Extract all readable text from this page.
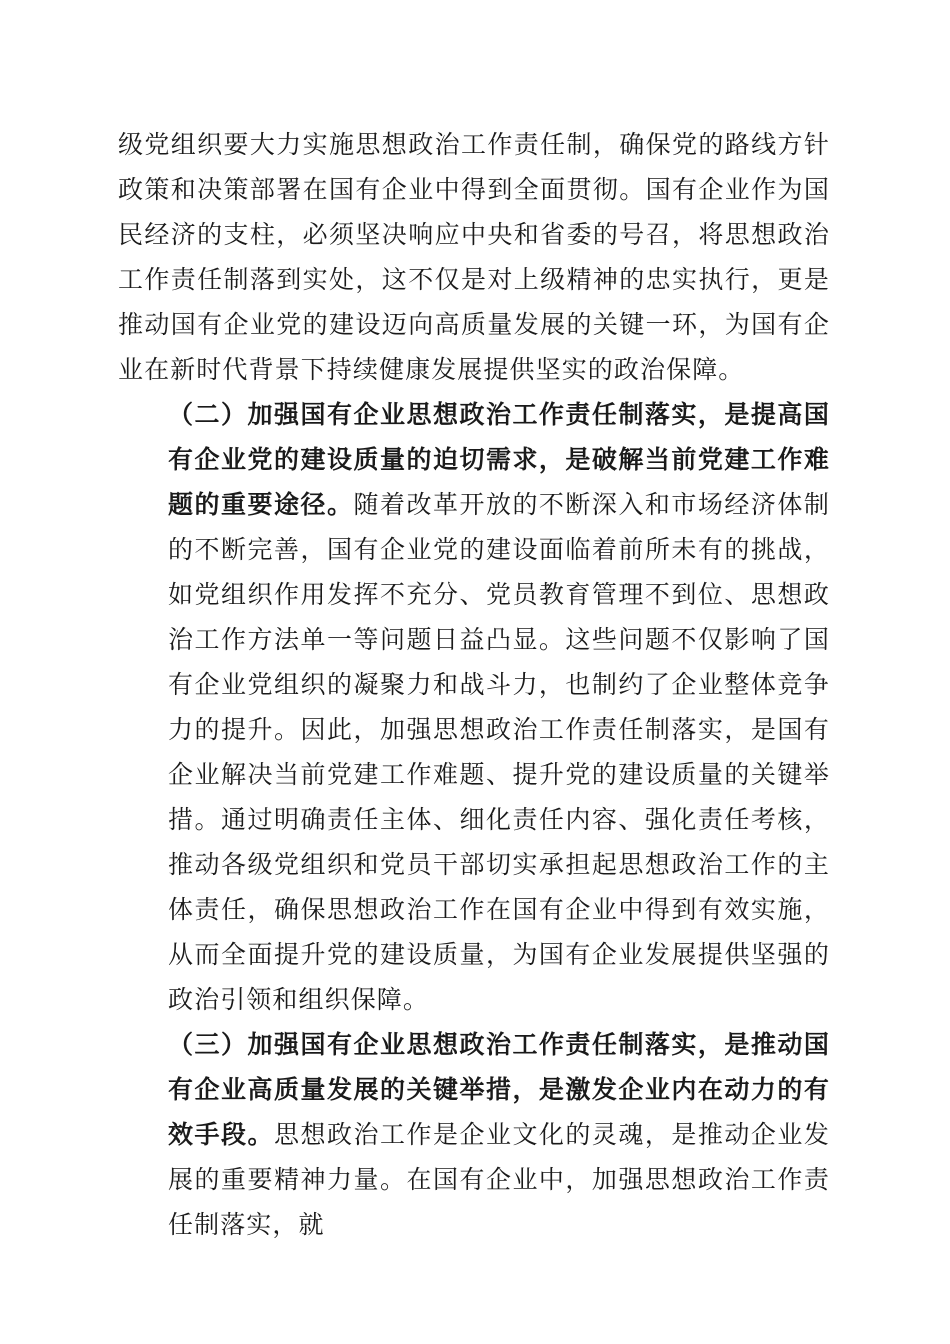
级党组织要大力实施思想政治工作责任制，确保党的路线方针政策和决策部署在国有企业中得到全面贯彻。国有企业作为国民经济的支柱，必须坚决响应中央和省委的号召，将思想政治工作责任制落到实处，这不仅是对上级精神的忠实执行，更是推动国有企业党的建设迈向高质量发展的关键一环，为国有企业在新时代背景下持续健康发展提供坚实的政治保障。

（二）加强国有企业思想政治工作责任制落实，是提高国有企业党的建设质量的迫切需求，是破解当前党建工作难题的重要途径。随着改革开放的不断深入和市场经济体制的不断完善，国有企业党的建设面临着前所未有的挑战，如党组织作用发挥不充分、党员教育管理不到位、思想政治工作方法单一等问题日益凸显。这些问题不仅影响了国有企业党组织的凝聚力和战斗力，也制约了企业整体竞争力的提升。因此，加强思想政治工作责任制落实，是国有企业解决当前党建工作难题、提升党的建设质量的关键举措。通过明确责任主体、细化责任内容、强化责任考核，推动各级党组织和党员干部切实承担起思想政治工作的主体责任，确保思想政治工作在国有企业中得到有效实施，从而全面提升党的建设质量，为国有企业发展提供坚强的政治引领和组织保障。

（三）加强国有企业思想政治工作责任制落实，是推动国有企业高质量发展的关键举措，是激发企业内在动力的有效手段。思想政治工作是企业文化的灵魂，是推动企业发展的重要精神力量。在国有企业中，加强思想政治工作责任制落实，就
